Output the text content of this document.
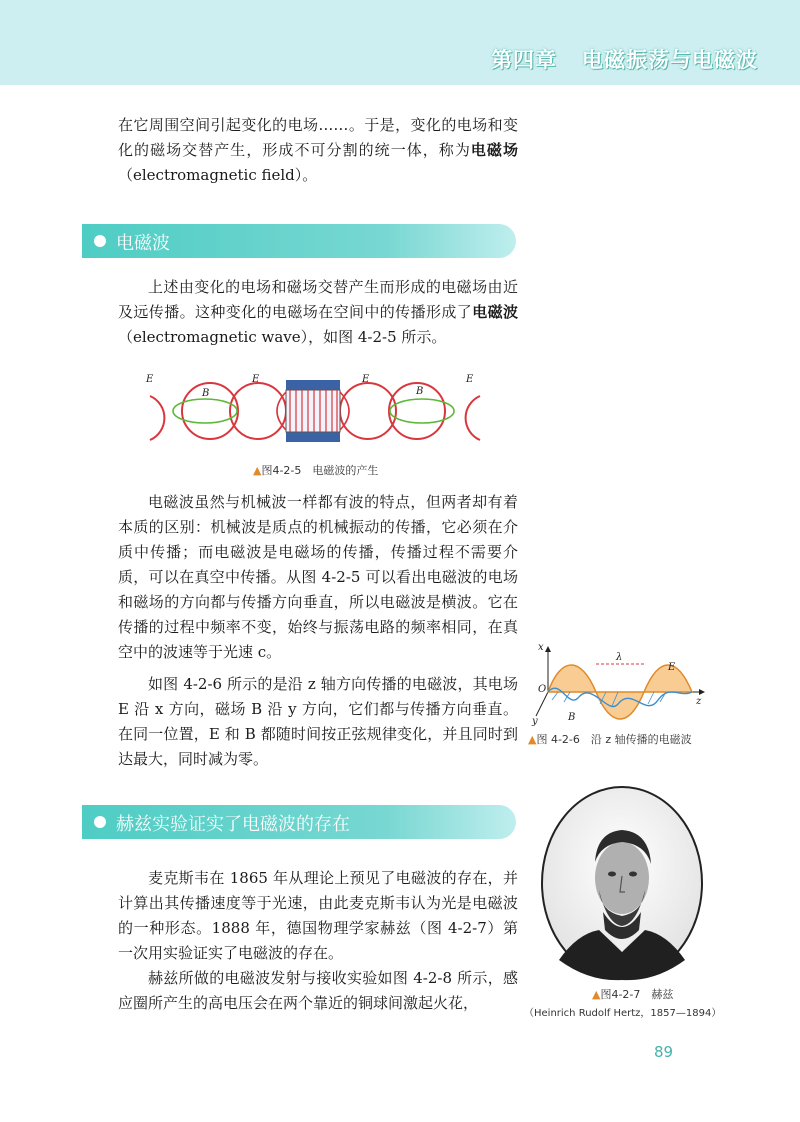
第四章   电磁振荡与电磁波

在它周围空间引起变化的电场……。于是，变化的电场和变化的磁场交替产生，形成不可分割的统一体，称为电磁场（electromagnetic field）。

电磁波

上述由变化的电场和磁场交替产生而形成的电磁场由近及远传播。这种变化的电磁场在空间中的传播形成了电磁波（electromagnetic wave），如图 4-2-5 所示。

E
B
E	E
B
E
▲图4-2-5　电磁波的产生

电磁波虽然与机械波一样都有波的特点，但两者却有着本质的区别：机械波是质点的机械振动的传播，它必须在介质中传播；而电磁波是电磁场的传播，传播过程不需要介质，可以在真空中传播。从图 4-2-5 可以看出电磁波的电场和磁场的方向都与传播方向垂直，所以电磁波是横波。它在传播的过程中频率不变，始终与振荡电路的频率相同，在真空中的波速等于光速 c。

如图 4-2-6 所示的是沿 z 轴方向传播的电磁波，其电场 E 沿 x 方向，磁场 B 沿 y 方向，它们都与传播方向垂直。在同一位置，E 和 B 都随时间按正弦规律变化，并且同时到达最大，同时减为零。

x
y
z
O
E
B
λ
▲图 4-2-6　沿 z 轴传播的电磁波
赫兹实验证实了电磁波的存在

麦克斯韦在 1865 年从理论上预见了电磁波的存在，并计算出其传播速度等于光速，由此麦克斯韦认为光是电磁波的一种形态。1888 年，德国物理学家赫兹（图 4-2-7）第一次用实验证实了电磁波的存在。

赫兹所做的电磁波发射与接收实验如图 4-2-8 所示，感应圈所产生的高电压会在两个靠近的铜球间激起火花，	▲图4-2-7　赫兹
（Heinrich Rudolf Hertz，1857—1894）
89
